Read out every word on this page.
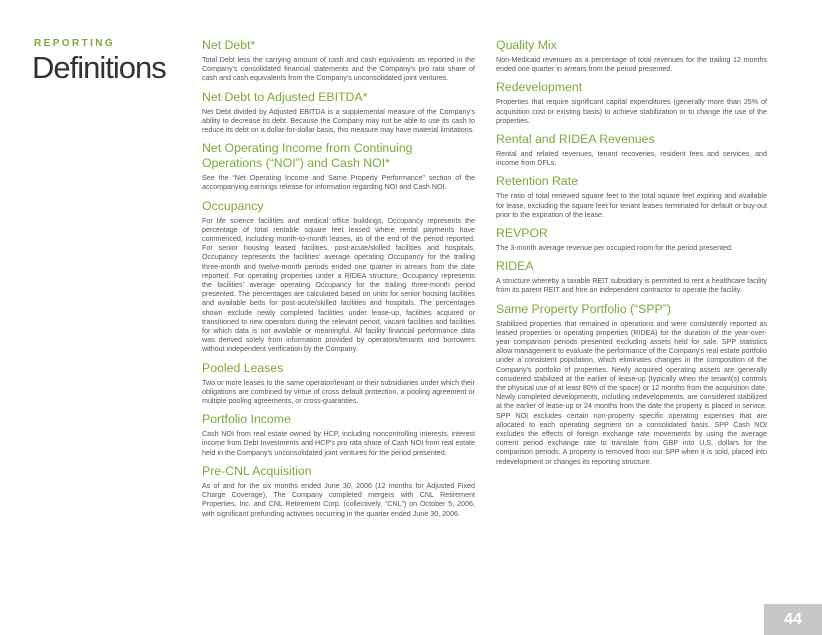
REPORTING
Definitions
Net Debt*

Total Debt less the carrying amount of cash and cash equivalents as reported in the Company's consolidated financial statements and the Company's pro rata share of cash and cash equivalents from the Company's unconsolidated joint ventures.

Net Debt to Adjusted EBITDA*

Net Debt divided by Adjusted EBITDA is a supplemental measure of the Company's ability to decrease its debt. Because the Company may not be able to use its cash to reduce its debt on a dollar-for-dollar basis, this measure may have material limitations.

Net Operating Income from Continuing Operations (“NOI”) and Cash NOI*

See the “Net Operating Income and Same Property Performance” section of the accompanying earnings release for information regarding NOI and Cash NOI.

Occupancy

For life science facilities and medical office buildings, Occupancy represents the percentage of total rentable square feet leased where rental payments have commenced, including month-to-month leases, as of the end of the period reported. For senior housing leased facilities, post-acute/skilled facilities and hospitals, Occupancy represents the facilities' average operating Occupancy for the trailing three-month and twelve-month periods ended one quarter in arrears from the date reported. For operating properties under a RIDEA structure, Occupancy represents the facilities' average operating Occupancy for the trailing three-month period presented. The percentages are calculated based on units for senior housing facilities and available beds for post-acute/skilled facilities and hospitals. The percentages shown exclude newly completed facilities under lease-up, facilities acquired or transitioned to new operators during the relevant period, vacant facilities and facilities for which data is not available or meaningful. All facility financial performance data was derived solely from information provided by operators/tenants and borrowers without independent verification by the Company.

Pooled Leases

Two or more leases to the same operator/tenant or their subsidiaries under which their obligations are combined by virtue of cross default protection, a pooling agreement or multiple pooling agreements, or cross-guaranties.

Portfolio Income

Cash NOI from real estate owned by HCP, including noncontrolling interests, interest income from Debt Investments and HCP's pro rata share of Cash NOI from real estate held in the Company's unconsolidated joint ventures for the period presented.

Pre-CNL Acquisition

As of and for the six months ended June 30, 2006 (12 months for Adjusted Fixed Charge Coverage), The Company completed mergers with CNL Retirement Properties, Inc. and CNL Retirement Corp. (collectively, “CNL”) on October 5, 2006, with significant prefunding activities occurring in the quarter ended June 30, 2006.

Quality Mix

Non-Medicaid revenues as a percentage of total revenues for the trailing 12 months ended one quarter in arrears from the period presented.

Redevelopment

Properties that require significant capital expenditures (generally more than 25% of acquisition cost or existing basis) to achieve stabilization or to change the use of the properties.

Rental and RIDEA Revenues

Rental and related revenues, tenant recoveries, resident fees and services, and income from DFLs.

Retention Rate

The ratio of total renewed square feet to the total square feet expiring and available for lease, excluding the square feet for tenant leases terminated for default or buy-out prior to the expiration of the lease.

REVPOR

The 3-month average revenue per occupied room for the period presented.

RIDEA

A structure whereby a taxable REIT subsidiary is permitted to rent a healthcare facility from its parent REIT and hire an independent contractor to operate the facility.

Same Property Portfolio (“SPP”)

Stabilized properties that remained in operations and were consistently reported as leased properties or operating properties (RIDEA) for the duration of the year-over-year comparison periods presented excluding assets held for sale. SPP statistics allow management to evaluate the performance of the Company's real estate portfolio under a consistent population, which eliminates changes in the composition of the Company's portfolio of properties. Newly acquired operating assets are generally considered stabilized at the earlier of lease-up (typically when the tenant(s) controls the physical use of at least 80% of the space) or 12 months from the acquisition date. Newly completed developments, including redevelopments, are considered stabilized at the earlier of lease-up or 24 months from the date the property is placed in service. SPP NOI excludes certain non-property specific operating expenses that are allocated to each operating segment on a consolidated basis. SPP Cash NOI excludes the effects of foreign exchange rate movements by using the average current period exchange rate to translate from GBP into U.S. dollars for the comparison periods. A property is removed from our SPP when it is sold, placed into redevelopment or changes its reporting structure.

44
